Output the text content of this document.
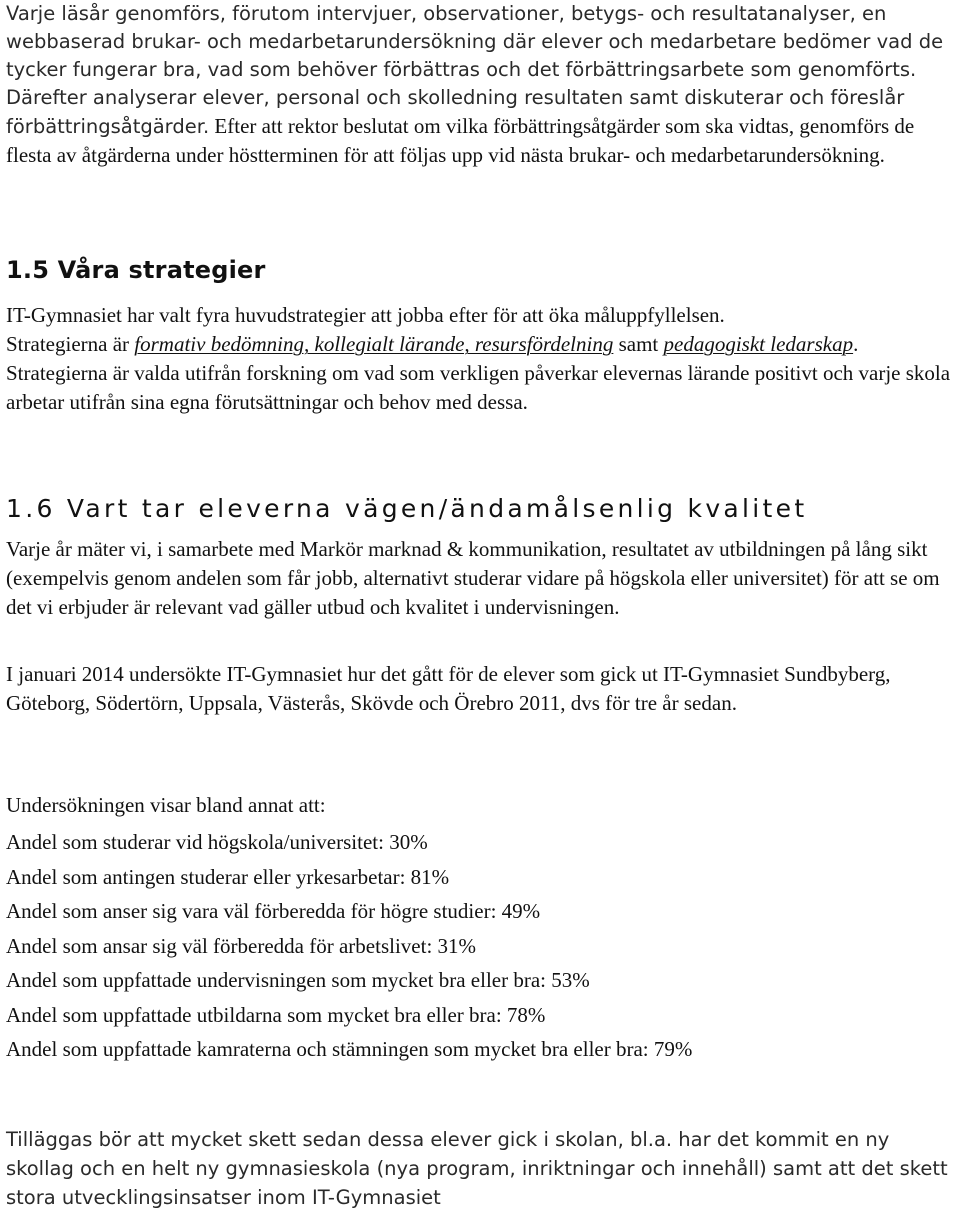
Varje läsår genomförs, förutom intervjuer, observationer, betygs- och resultatanalyser, en webbaserad brukar- och medarbetarundersökning där elever och medarbetare bedömer vad de tycker fungerar bra, vad som behöver förbättras och det förbättringsarbete som genomförts. Därefter analyserar elever, personal och skolledning resultaten samt diskuterar och föreslår förbättringsåtgärder. Efter att rektor beslutat om vilka förbättringsåtgärder som ska vidtas, genomförs de flesta av åtgärderna under höstterminen för att följas upp vid nästa brukar- och medarbetarundersökning.

1.5 Våra strategier

IT-Gymnasiet har valt fyra huvudstrategier att jobba efter för att öka måluppfyllelsen.

Strategierna är formativ bedömning, kollegialt lärande, resursfördelning samt pedagogiskt ledarskap.

Strategierna är valda utifrån forskning om vad som verkligen påverkar elevernas lärande positivt och varje skola arbetar utifrån sina egna förutsättningar och behov med dessa.

1.6 Vart tar eleverna vägen/ändamålsenlig kvalitet

Varje år mäter vi, i samarbete med Markör marknad & kommunikation, resultatet av utbildningen på lång sikt (exempelvis genom andelen som får jobb, alternativt studerar vidare på högskola eller universitet) för att se om det vi erbjuder är relevant vad gäller utbud och kvalitet i undervisningen.

I januari 2014 undersökte IT-Gymnasiet hur det gått för de elever som gick ut IT-Gymnasiet Sundbyberg, Göteborg, Södertörn, Uppsala, Västerås, Skövde och Örebro 2011, dvs för tre år sedan.

Undersökningen visar bland annat att:

Andel som studerar vid högskola/universitet: 30%

Andel som antingen studerar eller yrkesarbetar: 81%

Andel som anser sig vara väl förberedda för högre studier: 49%

Andel som ansar sig väl förberedda för arbetslivet: 31%

Andel som uppfattade undervisningen som mycket bra eller bra: 53%

Andel som uppfattade utbildarna som mycket bra eller bra: 78%

Andel som uppfattade kamraterna och stämningen som mycket bra eller bra: 79%

Tilläggas bör att mycket skett sedan dessa elever gick i skolan, bl.a. har det kommit en ny skollag och en helt ny gymnasieskola (nya program, inriktningar och innehåll) samt att det skett stora utvecklingsinsatser inom IT-Gymnasiet
